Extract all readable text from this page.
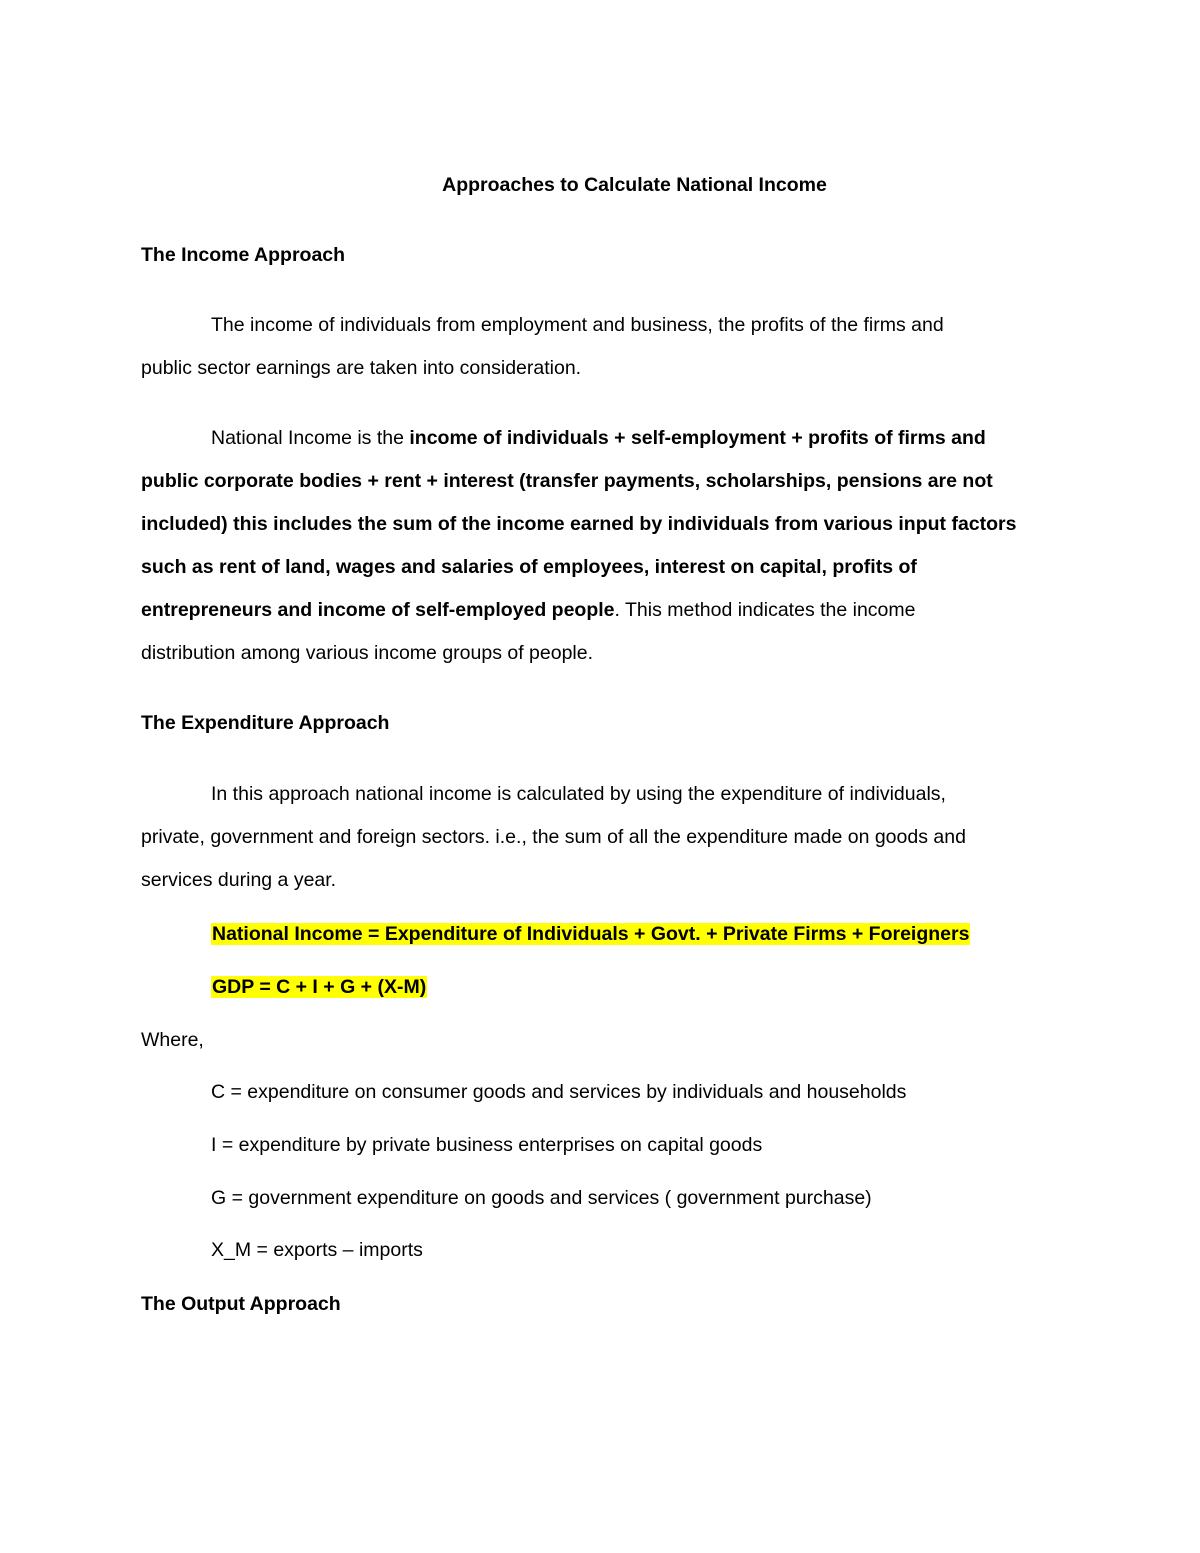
Approaches to Calculate National Income
The Income Approach
The income of individuals from employment and business, the profits of the firms and
public sector earnings are taken into consideration.
National Income is the income of individuals + self-employment + profits of firms and
public corporate bodies + rent + interest (transfer payments, scholarships, pensions are not
included) this includes the sum of the income earned by individuals from various input factors
such as rent of land, wages and salaries of employees, interest on capital, profits of
entrepreneurs and income of self-employed people. This method indicates the income
distribution among various income groups of people.
The Expenditure Approach
In this approach national income is calculated by using the expenditure of individuals,
private, government and foreign sectors. i.e., the sum of all the expenditure made on goods and
services during a year.
National Income = Expenditure of Individuals + Govt. + Private Firms + Foreigners
GDP = C + I + G + (X-M)
Where,
C = expenditure on consumer goods and services by individuals and households
I = expenditure by private business enterprises on capital goods
G = government expenditure on goods and services ( government purchase)
X_M = exports – imports
The Output Approach
